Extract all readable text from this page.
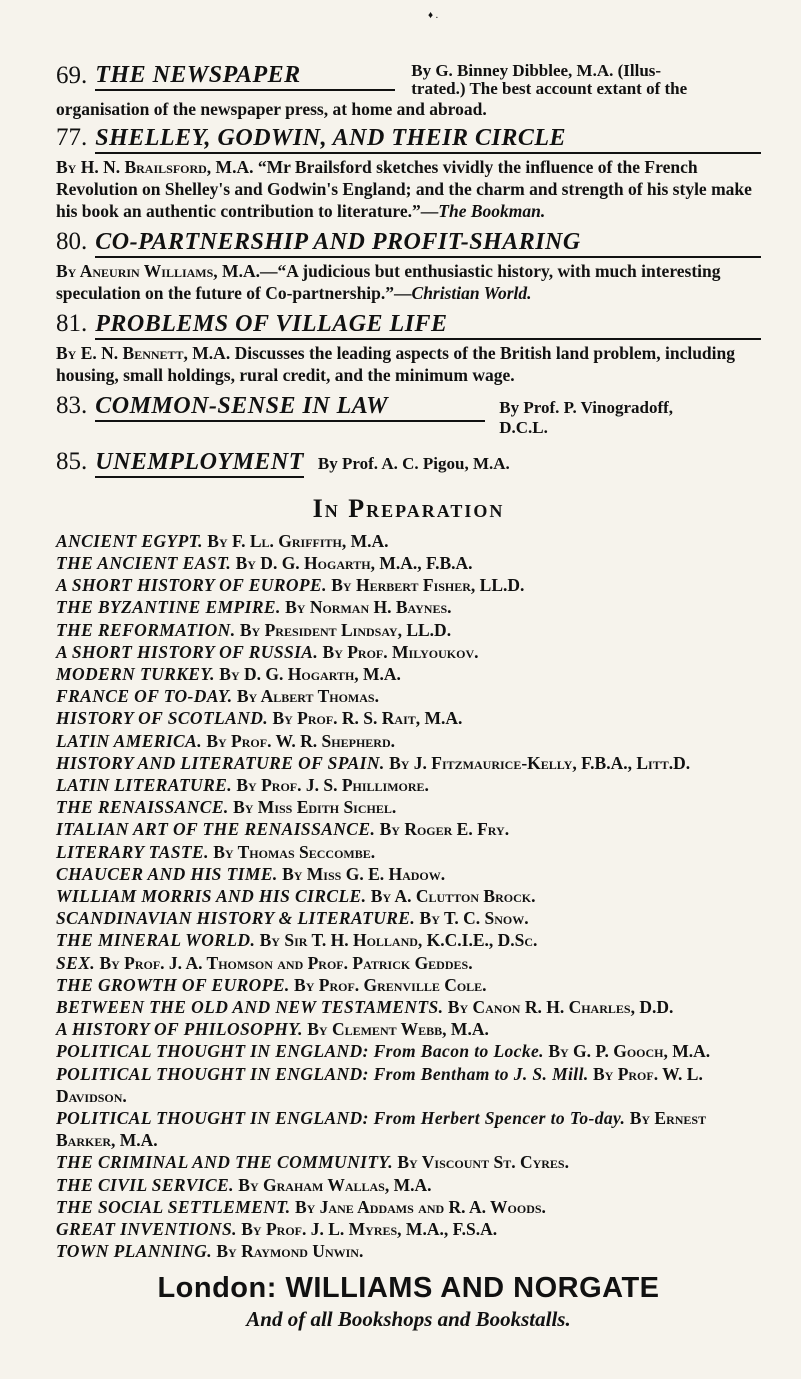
♦ .
69. THE NEWSPAPER	By G. Binney Dibblee, M.A. (Illus-
trated.) The best account extant of the
organisation of the newspaper press, at home and abroad.
77. SHELLEY, GODWIN, AND THEIR CIRCLE
By H. N. Brailsford, M.A. “Mr Brailsford sketches vividly the influence of the French Revolution on Shelley's and Godwin's England; and the charm and strength of his style make his book an authentic contribution to literature.”—The Bookman.
80. CO-PARTNERSHIP AND PROFIT-SHARING
By Aneurin Williams, M.A.—“A judicious but enthusiastic history, with much interesting speculation on the future of Co-partnership.”—Christian World.
81. PROBLEMS OF VILLAGE LIFE
By E. N. Bennett, M.A. Discusses the leading aspects of the British land problem, including housing, small holdings, rural credit, and the minimum wage.
83. COMMON-SENSE IN LAW	By Prof. P. Vinogradoff,
D.C.L.
85. UNEMPLOYMENT By Prof. A. C. Pigou, M.A.
In Preparation
ANCIENT EGYPT. By F. Ll. Griffith, M.A.
THE ANCIENT EAST. By D. G. Hogarth, M.A., F.B.A.
A SHORT HISTORY OF EUROPE. By Herbert Fisher, LL.D.
THE BYZANTINE EMPIRE. By Norman H. Baynes.
THE REFORMATION. By President Lindsay, LL.D.
A SHORT HISTORY OF RUSSIA. By Prof. Milyoukov.
MODERN TURKEY. By D. G. Hogarth, M.A.
FRANCE OF TO-DAY. By Albert Thomas.
HISTORY OF SCOTLAND. By Prof. R. S. Rait, M.A.
LATIN AMERICA. By Prof. W. R. Shepherd.
HISTORY AND LITERATURE OF SPAIN. By J. Fitzmaurice-Kelly, F.B.A., Litt.D.
LATIN LITERATURE. By Prof. J. S. Phillimore.
THE RENAISSANCE. By Miss Edith Sichel.
ITALIAN ART OF THE RENAISSANCE. By Roger E. Fry.
LITERARY TASTE. By Thomas Seccombe.
CHAUCER AND HIS TIME. By Miss G. E. Hadow.
WILLIAM MORRIS AND HIS CIRCLE. By A. Clutton Brock.
SCANDINAVIAN HISTORY & LITERATURE. By T. C. Snow.
THE MINERAL WORLD. By Sir T. H. Holland, K.C.I.E., D.Sc.
SEX. By Prof. J. A. Thomson and Prof. Patrick Geddes.
THE GROWTH OF EUROPE. By Prof. Grenville Cole.
BETWEEN THE OLD AND NEW TESTAMENTS. By Canon R. H. Charles, D.D.
A HISTORY OF PHILOSOPHY. By Clement Webb, M.A.
POLITICAL THOUGHT IN ENGLAND: From Bacon to Locke. By G. P. Gooch, M.A.
POLITICAL THOUGHT IN ENGLAND: From Bentham to J. S. Mill. By Prof. W. L. Davidson.
POLITICAL THOUGHT IN ENGLAND: From Herbert Spencer to To-day. By Ernest Barker, M.A.
THE CRIMINAL AND THE COMMUNITY. By Viscount St. Cyres.
THE CIVIL SERVICE. By Graham Wallas, M.A.
THE SOCIAL SETTLEMENT. By Jane Addams and R. A. Woods.
GREAT INVENTIONS. By Prof. J. L. Myres, M.A., F.S.A.
TOWN PLANNING. By Raymond Unwin.
London: WILLIAMS AND NORGATE
And of all Bookshops and Bookstalls.
